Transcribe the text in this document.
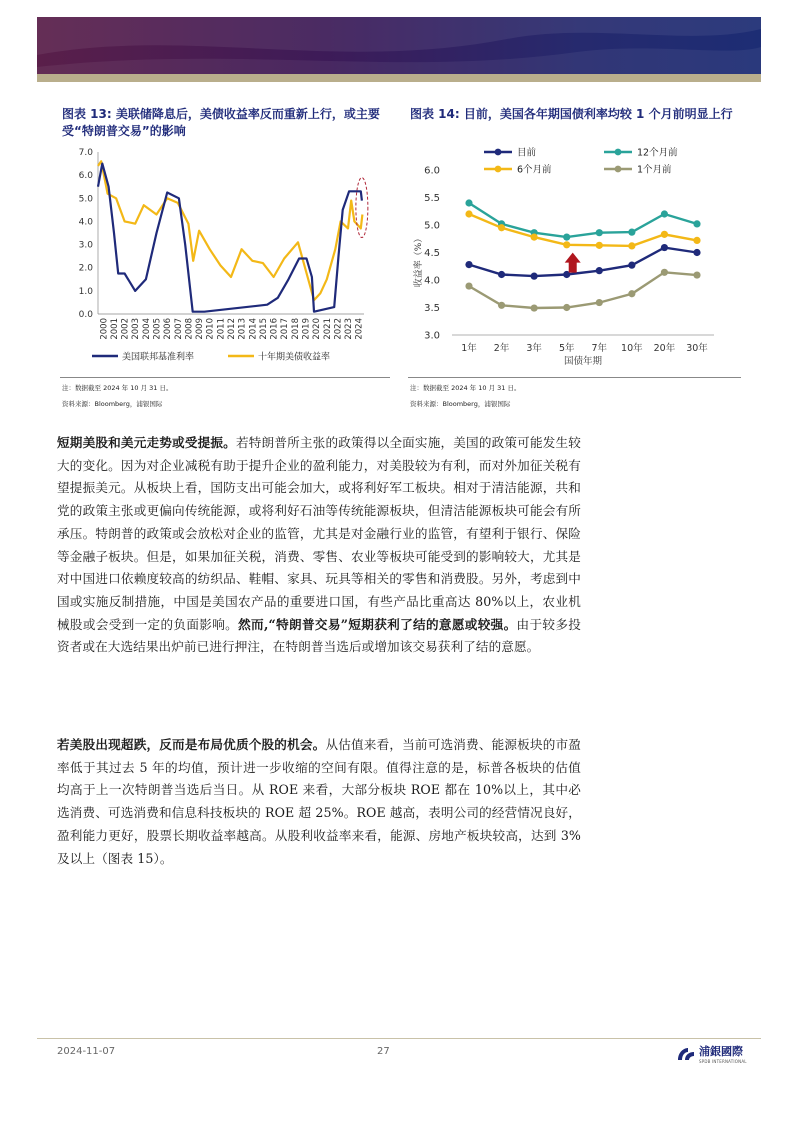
图表 13: 美联储降息后，美债收益率反而重新上行，或主要受“特朗普交易”的影响
图表 14: 目前，美国各年期国债利率均较 1 个月前明显上行
7.0
6.0
5.0
4.0
3.0
2.0
1.0
0.0
2000 2001 2002 2003 2004 2005 2006 2007 2008 2009 2010 2011 2012 2013 2014 2015 2016 2017 2018 2019 2020 2021 2022 2023 2024
美国联邦基准利率	十年期美债收益率
6.0
5.5
5.0
4.5
4.0
3.5
3.0
1年 2年 3年 5年 7年 10年 20年 30年
国债年期
收益率（%）
目前	12个月前
6个月前	1个月前
注：数据截至 2024 年 10 月 31 日。
资料来源：Bloomberg，浦银国际
注：数据截至 2024 年 10 月 31 日。
资料来源：Bloomberg，浦银国际
短期美股和美元走势或受提振。若特朗普所主张的政策得以全面实施，美国的政策可能发生较大的变化。因为对企业减税有助于提升企业的盈利能力，对美股较为有利，而对外加征关税有望提振美元。从板块上看，国防支出可能会加大，或将利好军工板块。相对于清洁能源，共和党的政策主张或更偏向传统能源，或将利好石油等传统能源板块，但清洁能源板块可能会有所承压。特朗普的政策或会放松对企业的监管，尤其是对金融行业的监管，有望利于银行、保险等金融子板块。但是，如果加征关税，消费、零售、农业等板块可能受到的影响较大，尤其是对中国进口依赖度较高的纺织品、鞋帽、家具、玩具等相关的零售和消费股。另外，考虑到中国或实施反制措施，中国是美国农产品的重要进口国，有些产品比重高达 80%以上，农业机械股或会受到一定的负面影响。然而,“特朗普交易”短期获利了结的意愿或较强。由于较多投资者或在大选结果出炉前已进行押注，在特朗普当选后或增加该交易获利了结的意愿。
若美股出现超跌，反而是布局优质个股的机会。从估值来看，当前可选消费、能源板块的市盈率低于其过去 5 年的均值，预计进一步收缩的空间有限。值得注意的是，标普各板块的估值均高于上一次特朗普当选后当日。从 ROE 来看，大部分板块 ROE 都在 10%以上，其中必选消费、可选消费和信息科技板块的 ROE 超 25%。ROE 越高，表明公司的经营情况良好，盈利能力更好，股票长期收益率越高。从股利收益率来看，能源、房地产板块较高，达到 3%及以上（图表 15）。
2024-11-07	27	浦銀國際
SPDB INTERNATIONAL
